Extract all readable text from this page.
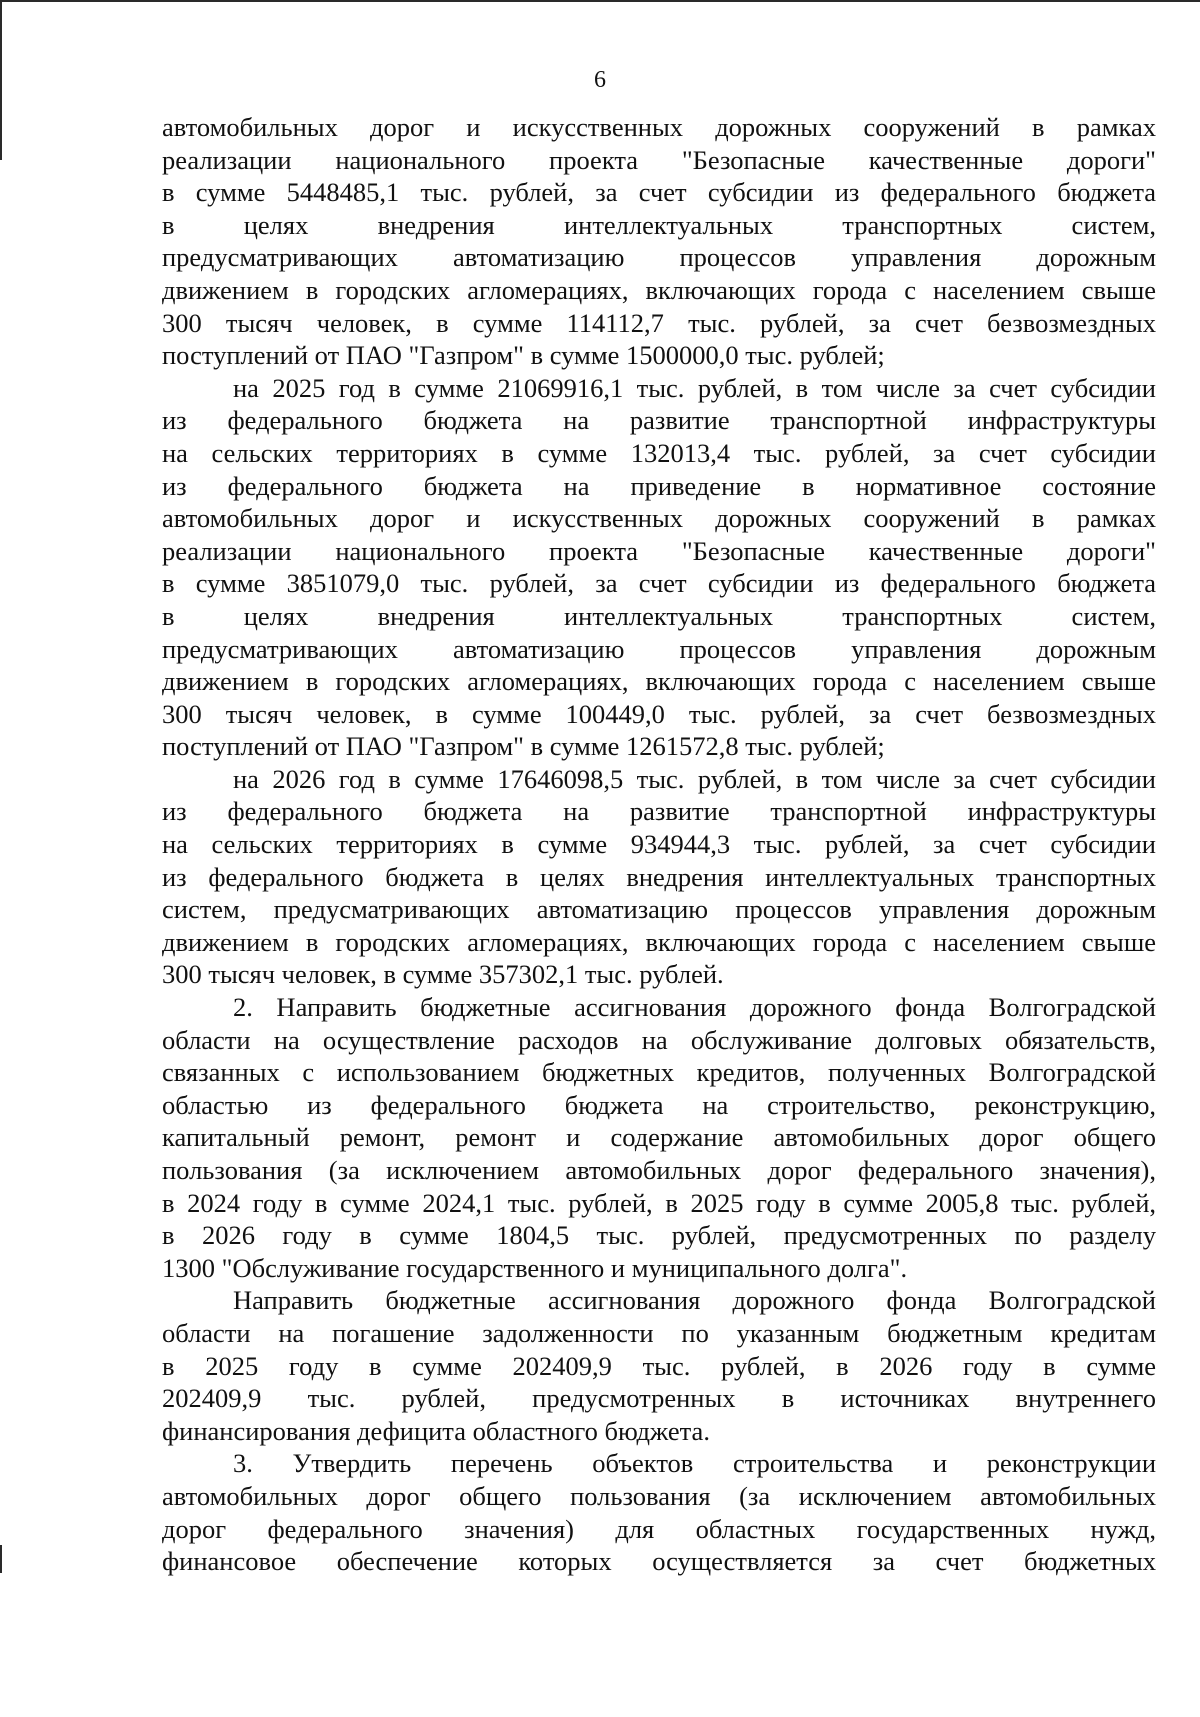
6

автомобильных дорог и искусственных дорожных сооружений в рамках

реализации национального проекта "Безопасные качественные дороги"

в сумме 5448485,1 тыс. рублей, за счет субсидии из федерального бюджета

в целях внедрения интеллектуальных транспортных систем,

предусматривающих автоматизацию процессов управления дорожным

движением в городских агломерациях, включающих города с населением свыше

300 тысяч человек, в сумме 114112,7 тыс. рублей, за счет безвозмездных

поступлений от ПАО "Газпром" в сумме 1500000,0 тыс. рублей;

на 2025 год в сумме 21069916,1 тыс. рублей, в том числе за счет субсидии

из федерального бюджета на развитие транспортной инфраструктуры

на сельских территориях в сумме 132013,4 тыс. рублей, за счет субсидии

из федерального бюджета на приведение в нормативное состояние

автомобильных дорог и искусственных дорожных сооружений в рамках

реализации национального проекта "Безопасные качественные дороги"

в сумме 3851079,0 тыс. рублей, за счет субсидии из федерального бюджета

в целях внедрения интеллектуальных транспортных систем,

предусматривающих автоматизацию процессов управления дорожным

движением в городских агломерациях, включающих города с населением свыше

300 тысяч человек, в сумме 100449,0 тыс. рублей, за счет безвозмездных

поступлений от ПАО "Газпром" в сумме 1261572,8 тыс. рублей;

на 2026 год в сумме 17646098,5 тыс. рублей, в том числе за счет субсидии

из федерального бюджета на развитие транспортной инфраструктуры

на сельских территориях в сумме 934944,3 тыс. рублей, за счет субсидии

из федерального бюджета в целях внедрения интеллектуальных транспортных

систем, предусматривающих автоматизацию процессов управления дорожным

движением в городских агломерациях, включающих города с населением свыше

300 тысяч человек, в сумме 357302,1 тыс. рублей.

2. Направить бюджетные ассигнования дорожного фонда Волгоградской

области на осуществление расходов на обслуживание долговых обязательств,

связанных с использованием бюджетных кредитов, полученных Волгоградской

областью из федерального бюджета на строительство, реконструкцию,

капитальный ремонт, ремонт и содержание автомобильных дорог общего

пользования (за исключением автомобильных дорог федерального значения),

в 2024 году в сумме 2024,1 тыс. рублей, в 2025 году в сумме 2005,8 тыс. рублей,

в 2026 году в сумме 1804,5 тыс. рублей, предусмотренных по разделу

1300 "Обслуживание государственного и муниципального долга".

Направить бюджетные ассигнования дорожного фонда Волгоградской

области на погашение задолженности по указанным бюджетным кредитам

в 2025 году в сумме 202409,9 тыс. рублей, в 2026 году в сумме

202409,9 тыс. рублей, предусмотренных в источниках внутреннего

финансирования дефицита областного бюджета.

3. Утвердить перечень объектов строительства и реконструкции

автомобильных дорог общего пользования (за исключением автомобильных

дорог федерального значения) для областных государственных нужд,

финансовое обеспечение которых осуществляется за счет бюджетных
